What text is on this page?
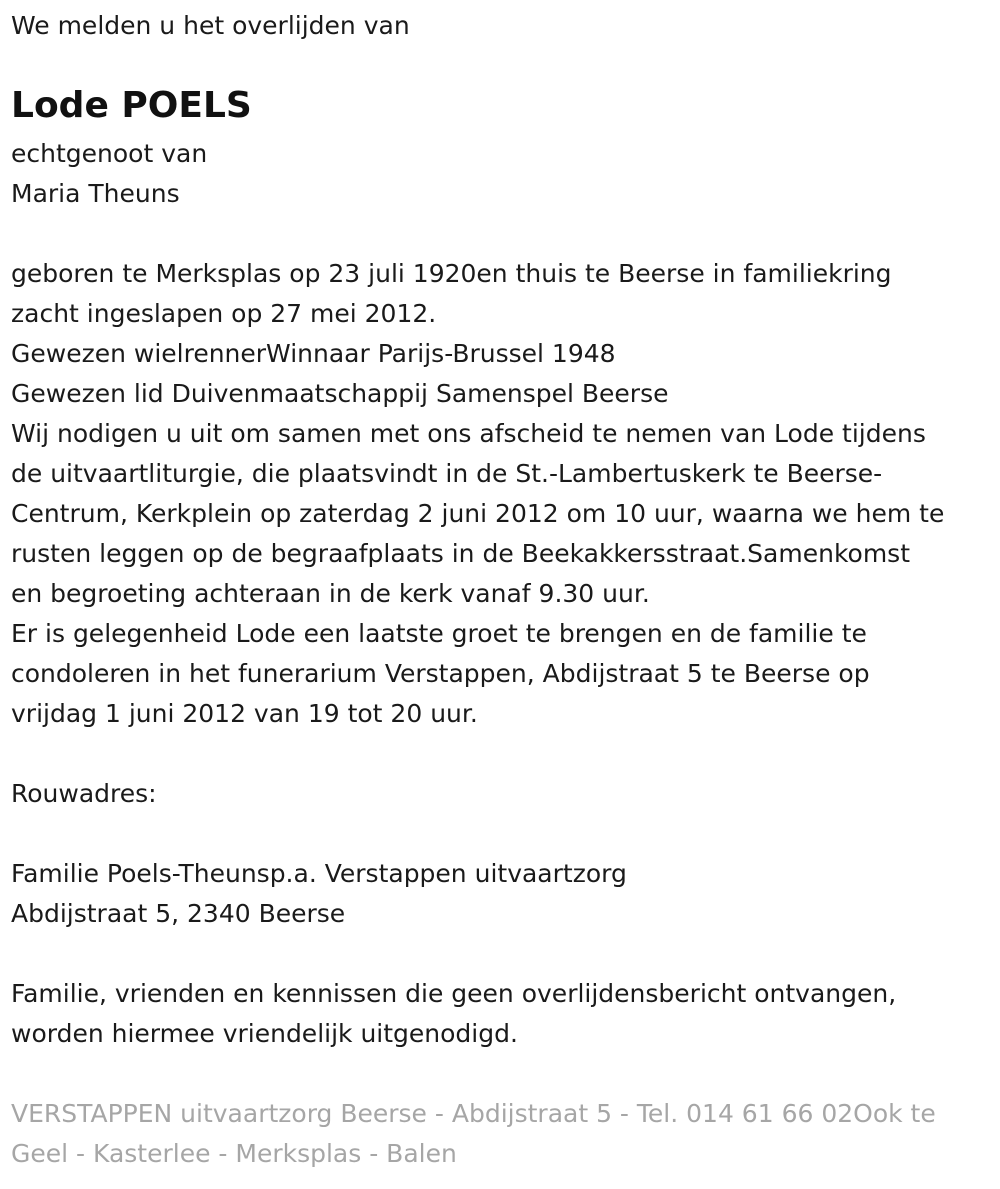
We melden u het overlijden van

Lode POELS

echtgenoot van

Maria Theuns

geboren te Merksplas op 23 juli 1920en thuis te Beerse in familiekring

zacht ingeslapen op 27 mei 2012.

Gewezen wielrennerWinnaar Parijs-Brussel 1948

Gewezen lid Duivenmaatschappij Samenspel Beerse

Wij nodigen u uit om samen met ons afscheid te nemen van Lode tijdens

de uitvaartliturgie, die plaatsvindt in de St.-Lambertuskerk te Beerse-

Centrum, Kerkplein op zaterdag 2 juni 2012 om 10 uur, waarna we hem te

rusten leggen op de begraafplaats in de Beekakkersstraat.Samenkomst

en begroeting achteraan in de kerk vanaf 9.30 uur.

Er is gelegenheid Lode een laatste groet te brengen en de familie te

condoleren in het funerarium Verstappen, Abdijstraat 5 te Beerse op

vrijdag 1 juni 2012 van 19 tot 20 uur.

Rouwadres:

Familie Poels-Theunsp.a. Verstappen uitvaartzorg

Abdijstraat 5, 2340 Beerse

Familie, vrienden en kennissen die geen overlijdensbericht ontvangen,

worden hiermee vriendelijk uitgenodigd.

VERSTAPPEN uitvaartzorg Beerse - Abdijstraat 5 - Tel. 014 61 66 02Ook te

Geel - Kasterlee - Merksplas - Balen
